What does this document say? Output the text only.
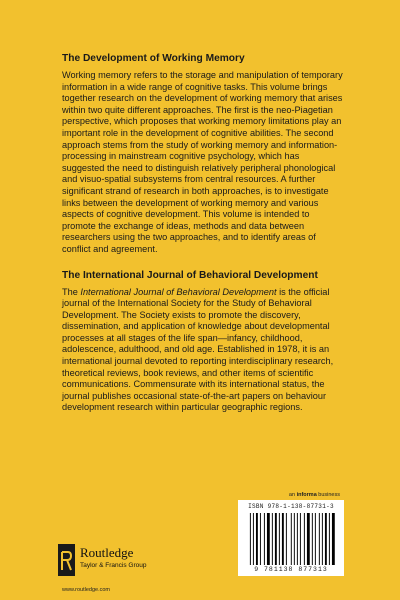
The Development of Working Memory

Working memory refers to the storage and manipulation of temporary information in a wide range of cognitive tasks. This volume brings together research on the development of working memory that arises within two quite different approaches. The first is the neo-Piagetian perspective, which proposes that working memory limitations play an important role in the development of cognitive abilities. The second approach stems from the study of working memory and information-processing in mainstream cognitive psychology, which has suggested the need to distinguish relatively peripheral phonological and visuo-spatial subsystems from central resources. A further significant strand of research in both approaches, is to investigate links between the development of working memory and various aspects of cognitive development. This volume is intended to promote the exchange of ideas, methods and data between researchers using the two approaches, and to identify areas of conflict and agreement.

The International Journal of Behavioral Development

The International Journal of Behavioral Development is the official journal of the International Society for the Study of Behavioral Development. The Society exists to promote the discovery, dissemination, and application of knowledge about developmental processes at all stages of the life span—infancy, childhood, adolescence, adulthood, and old age. Established in 1978, it is an international journal devoted to reporting interdisciplinary research, theoretical reviews, book reviews, and other items of scientific communications. Commensurate with its international status, the journal publishes occasional state-of-the-art papers on behaviour development research within particular geographic regions.

an informa business
ISBN 978-1-138-87731-3
9 781138 877313
Routledge
Taylor & Francis Group
www.routledge.com
